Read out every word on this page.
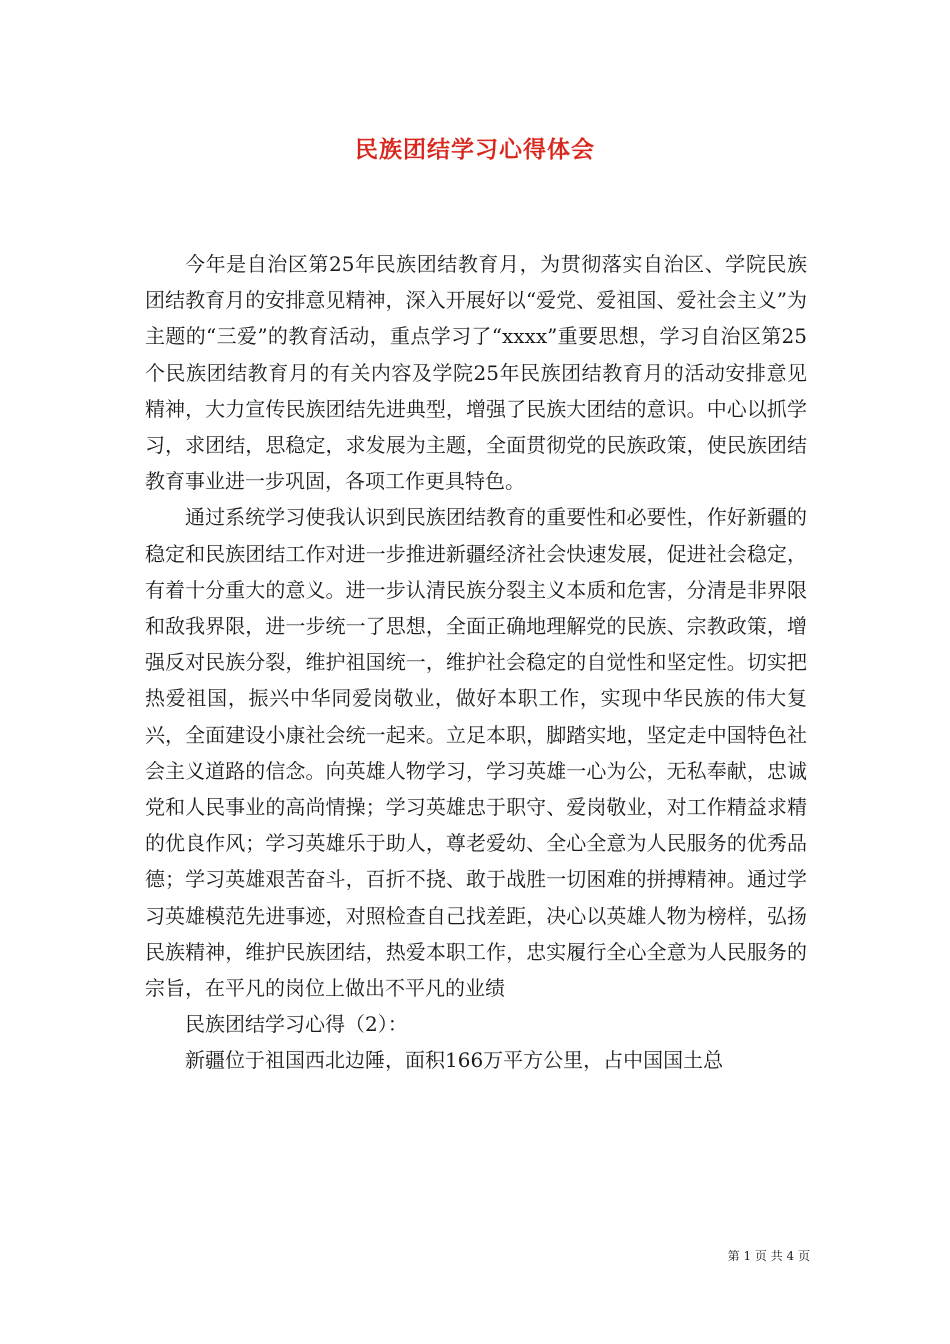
民族团结学习心得体会

今年是自治区第25年民族团结教育月，为贯彻落实自治区、学院民族团结教育月的安排意见精神，深入开展好以“爱党、爱祖国、爱社会主义”为主题的“三爱”的教育活动，重点学习了“xxxx”重要思想，学习自治区第25个民族团结教育月的有关内容及学院25年民族团结教育月的活动安排意见精神，大力宣传民族团结先进典型，增强了民族大团结的意识。中心以抓学习，求团结，思稳定，求发展为主题，全面贯彻党的民族政策，使民族团结教育事业进一步巩固，各项工作更具特色。

通过系统学习使我认识到民族团结教育的重要性和必要性，作好新疆的稳定和民族团结工作对进一步推进新疆经济社会快速发展，促进社会稳定，有着十分重大的意义。进一步认清民族分裂主义本质和危害，分清是非界限和敌我界限，进一步统一了思想，全面正确地理解党的民族、宗教政策，增强反对民族分裂，维护祖国统一，维护社会稳定的自觉性和坚定性。切实把热爱祖国，振兴中华同爱岗敬业，做好本职工作，实现中华民族的伟大复兴，全面建设小康社会统一起来。立足本职，脚踏实地，坚定走中国特色社会主义道路的信念。向英雄人物学习，学习英雄一心为公，无私奉献，忠诚党和人民事业的高尚情操；学习英雄忠于职守、爱岗敬业，对工作精益求精的优良作风；学习英雄乐于助人，尊老爱幼、全心全意为人民服务的优秀品德；学习英雄艰苦奋斗，百折不挠、敢于战胜一切困难的拼搏精神。通过学习英雄模范先进事迹，对照检查自己找差距，决心以英雄人物为榜样，弘扬民族精神，维护民族团结，热爱本职工作，忠实履行全心全意为人民服务的宗旨，在平凡的岗位上做出不平凡的业绩

民族团结学习心得（2）：

新疆位于祖国西北边陲，面积166万平方公里，占中国国土总

第 1 页 共 4 页
